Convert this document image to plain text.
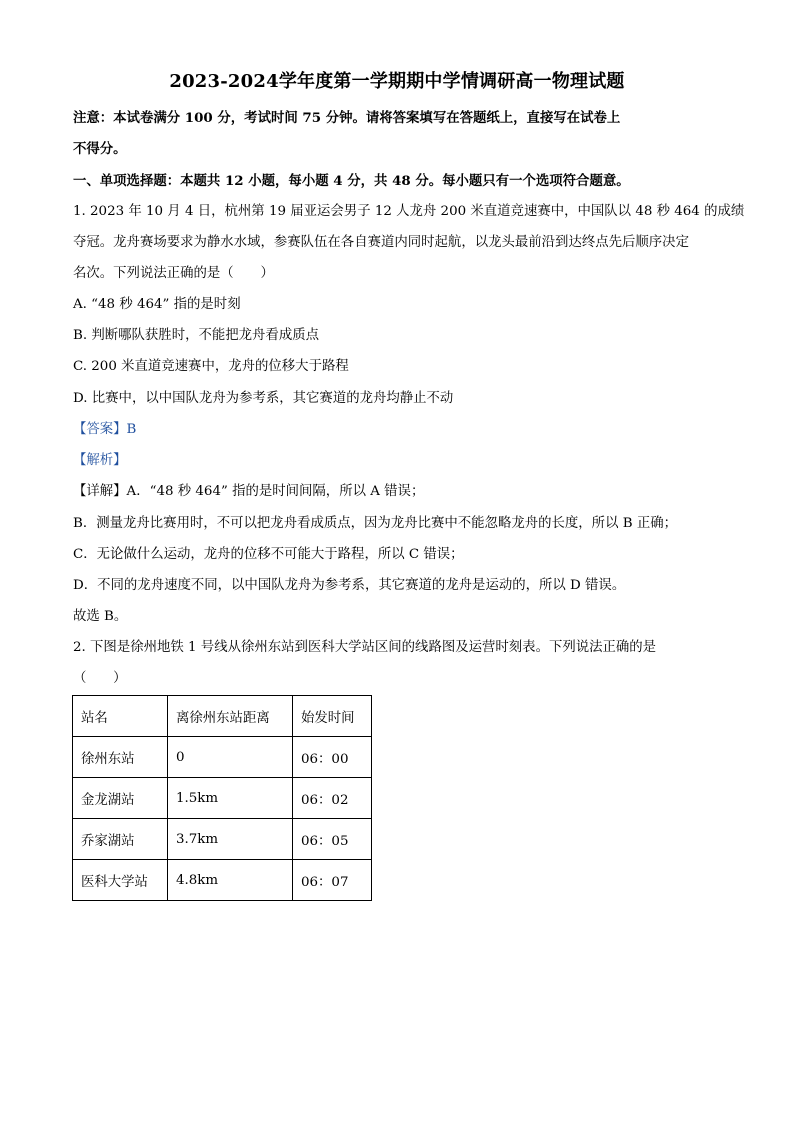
2023-2024学年度第一学期期中学情调研高一物理试题
注意：本试卷满分 100 分，考试时间 75 分钟。请将答案填写在答题纸上，直接写在试卷上
不得分。
一、单项选择题：本题共 12 小题，每小题 4 分，共 48 分。每小题只有一个选项符合题意。
1. 2023 年 10 月 4 日，杭州第 19 届亚运会男子 12 人龙舟 200 米直道竞速赛中，中国队以 48 秒 464 的成绩
夺冠。龙舟赛场要求为静水水域，参赛队伍在各自赛道内同时起航，以龙头最前沿到达终点先后顺序决定
名次。下列说法正确的是（　　）
A. “48 秒 464” 指的是时刻
B. 判断哪队获胜时，不能把龙舟看成质点
C. 200 米直道竞速赛中，龙舟的位移大于路程
D. 比赛中，以中国队龙舟为参考系，其它赛道的龙舟均静止不动
【答案】B
【解析】
【详解】A．“48 秒 464” 指的是时间间隔，所以 A 错误；
B．测量龙舟比赛用时，不可以把龙舟看成质点，因为龙舟比赛中不能忽略龙舟的长度，所以 B 正确；
C．无论做什么运动，龙舟的位移不可能大于路程，所以 C 错误；
D．不同的龙舟速度不同，以中国队龙舟为参考系，其它赛道的龙舟是运动的，所以 D 错误。
故选 B。
2. 下图是徐州地铁 1 号线从徐州东站到医科大学站区间的线路图及运营时刻表。下列说法正确的是
（　　）
站名	离徐州东站距离	始发时间
徐州东站	0	06：00
金龙湖站	1.5km	06：02
乔家湖站	3.7km	06：05
医科大学站	4.8km	06：07
